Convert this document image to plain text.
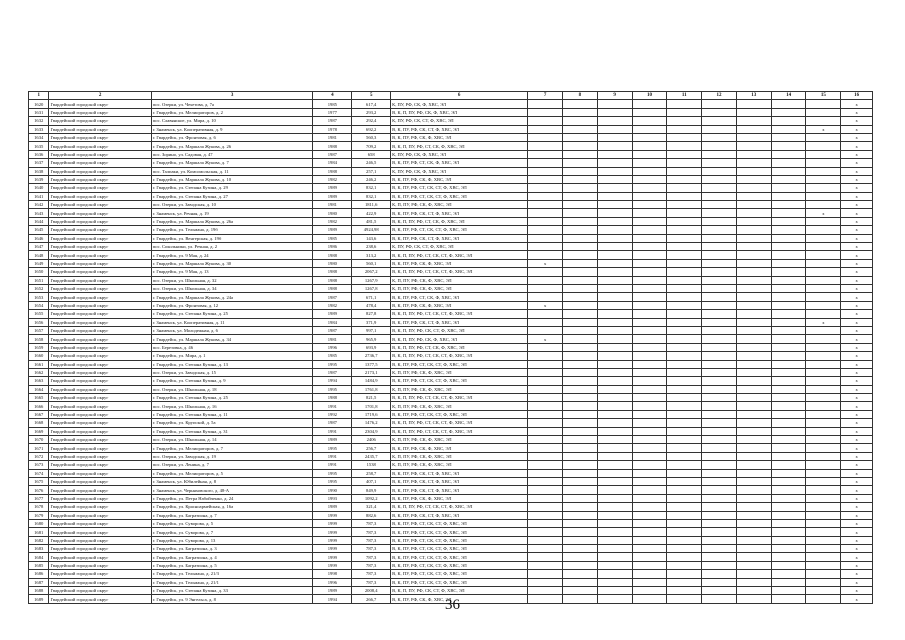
1	2	3	4	5	6	7	8	9	10	11	12	13	14	15	16
1620	Гвардейский городской округ	пос. Озерки, ул. Чехетова, д. 7а	1985	617,4	К, ПУ, РФ, СК, Ф, ХВС, ЭЛ										х
1631	Гвардейский городской округ	г. Гвардейск, ул. Мелиораторов, д. 2	1977	293,2	В, К, П, ПУ, РФ, СК, Ф, ХВС, ЭЛ										х
1632	Гвардейский городской округ	пос. Славянское, ул. Мира, д. 10	1987	292,4	К, ПУ, РФ, СК, СТ, Ф, ХВС, ЭЛ										х
1633	Гвардейский городской округ	г. Знаменск, ул. Кооперативная, д. 9	1978	692,2	В, К, ПУ, РФ, СК, СТ, Ф, ХВС, ЭЛ									х	х
1634	Гвардейский городской округ	г. Гвардейск, ул. Фронтовая, д. 6	1981	560,3	В, К, ПУ, РФ, СК, Ф, ХВС, ЭЛ										х
1635	Гвардейский городской округ	г. Гвардейск, ул. Маршала Жукова, д. 26	1988	709,2	В, К, П, ПУ, РФ, СТ, СК, Ф, ХВС, ЭЛ										х
1636	Гвардейский городской округ	пос. Зорино, ул. Садовая, д. 47	1987	658	К, ПУ, РФ, СК, Ф, ХВС, ЭЛ										х
1637	Гвардейский городской округ	г. Гвардейск, ул. Маршала Жукова, д. 7	1984	246,5	В, К, ПУ, РФ, СТ, СК, Ф, ХВС, ЭЛ										х
1638	Гвардейский городской округ	пос. Талпаки, ул. Комсомольская, д. 11	1988	257,1	К, ПУ, РФ, СК, Ф, ХВС, ЭЛ										х
1639	Гвардейский городской округ	г. Гвардейск, ул. Маршала Жукова, д. 10	1982	246,2	В, К, ПУ, РФ, СК, Ф, ХВС, ЭЛ										х
1640	Гвардейский городской округ	г. Гвардейск, ул. Степана Кузина, д. 29	1989	832,1	В, К, ПУ, РФ, СТ, СК, СТ, Ф, ХВС, ЭЛ										х
1641	Гвардейский городской округ	г. Гвардейск, ул. Степана Кузина, д. 27	1989	832,1	В, К, ПУ, РФ, СТ, СК, СТ, Ф, ХВС, ЭЛ										х
1642	Гвардейский городской округ	пос. Озерки, ул. Заводская, д. 10	1981	1811,6	К, П, ПУ, РФ, СК, Ф, ХВС, ЭЛ										х
1643	Гвардейский городской округ	г. Знаменск, ул. Речная, д. 19	1980	422,9	В, К, ПУ, РФ, СК, СТ, Ф, ХВС, ЭЛ									х	х
1644	Гвардейский городской округ	г. Гвардейск, ул. Маршала Жукова, д. 26а	1982	481,5	В, К, П, ПУ, РФ, СТ, СК, Ф, ХВС, ЭЛ										х
1645	Гвардейский городской округ	г. Гвардейск, ул. Тельмана, д. 19б	1989	4924,98	В, К, ПУ, РФ, СТ, СК, СТ, Ф, ХВС, ЭЛ										х
1646	Гвардейский городской округ	г. Гвардейск, ул. Венгерская, д. 19б	1985	143,6	В, К, ПУ, РФ, СК, СТ, Ф, ХВС, ЭЛ										х
1647	Гвардейский городской округ	пос. Сокольники, ул. Речная, д. 2	1986	238,6	К, ПУ, РФ, СК, СТ, Ф, ХВС, ЭЛ										х
1648	Гвардейский городской округ	г. Гвардейск, ул. 9 Мая, д. 24	1988	313,2	В, К, П, ПУ, РФ, СТ, СК, СТ, Ф, ХВС, ЭЛ										х
1649	Гвардейский городской округ	г. Гвардейск, ул. Маршала Жукова, д. 30	1980	560,1	В, К, ПУ, РФ, СК, Ф, ХВС, ЭЛ	х									х
1650	Гвардейский городской округ	г. Гвардейск, ул. 9 Мая, д. 13	1988	2067,2	В, К, П, ПУ, РФ, СТ, СК, СТ, Ф, ХВС, ЭЛ										х
1651	Гвардейский городской округ	пос. Озерки, ул. Школьная, д. 32	1988	1267,9	К, П, ПУ, РФ, СК, Ф, ХВС, ЭЛ										х
1652	Гвардейский городской округ	пос. Озерки, ул. Школьная, д. 34	1988	1267,8	К, П, ПУ, РФ, СК, Ф, ХВС, ЭЛ										х
1653	Гвардейский городской округ	г. Гвардейск, ул. Маршала Жукова, д. 24а	1987	671,1	В, К, ПУ, РФ, СТ, СК, Ф, ХВС, ЭЛ										х
1654	Гвардейский городской округ	г. Гвардейск, ул. Фронтовая, д. 12	1982	478,4	В, К, ПУ, РФ, СК, Ф, ХВС, ЭЛ	х									х
1655	Гвардейский городской округ	г. Гвардейск, ул. Степана Кузина, д. 25	1989	827,8	В, К, П, ПУ, РФ, СТ, СК, СТ, Ф, ХВС, ЭЛ										х
1656	Гвардейский городской округ	г. Знаменск, ул. Кооперативная, д. 11	1984	371,9	В, К, ПУ, РФ, СК, СТ, Ф, ХВС, ЭЛ									х	х
1657	Гвардейский городской округ	г. Знаменск, ул. Молодежная, д. 6	1987	997,1	В, К, П, ПУ, РФ, СК, СТ, Ф, ХВС, ЭЛ										х
1658	Гвардейский городской округ	г. Гвардейск, ул. Маршала Жукова, д. 34	1981	965,9	В, К, П, ПУ, РФ, СК, Ф, ХВС, ЭЛ	х									х
1659	Гвардейский городской округ	пос. Березовка, д. 46	1996	693,9	В, К, П, ПУ, РФ, СТ, СК, Ф, ХВС, ЭЛ										х
1660	Гвардейский городской округ	г. Гвардейск, ул. Мира, д. 1	1985	2736,7	В, К, П, ПУ, РФ, СТ, СК, СТ, Ф, ХВС, ЭЛ										х
1661	Гвардейский городской округ	г. Гвардейск, ул. Степана Кузина, д. 13	1995	1377,5	В, К, ПУ, РФ, СТ, СК, СТ, Ф, ХВС, ЭЛ										х
1662	Гвардейский городской округ	пос. Озерки, ул. Заводская, д. 15	1987	2173,1	К, П, ПУ, РФ, СК, Ф, ХВС, ЭЛ										х
1663	Гвардейский городской округ	г. Гвардейск, ул. Степана Кузина, д. 9	1994	1484,9	В, К, ПУ, РФ, СТ, СК, СТ, Ф, ХВС, ЭЛ										х
1664	Гвардейский городской округ	пос. Озерки, ул. Школьная, д. 18	1995	1761,8	К, П, ПУ, РФ, СК, Ф, ХВС, ЭЛ										х
1665	Гвардейский городской округ	г. Гвардейск, ул. Степана Кузина, д. 25	1988	821,5	В, К, П, ПУ, РФ, СТ, СК, СТ, Ф, ХВС, ЭЛ										х
1666	Гвардейский городской округ	пос. Озерки, ул. Школьная, д. 16	1991	1701,8	К, П, ПУ, РФ, СК, Ф, ХВС, ЭЛ										х
1667	Гвардейский городской округ	г. Гвардейск, ул. Степана Кузина, д. 11	1992	1719,6	В, К, ПУ, РФ, СТ, СК, СТ, Ф, ХВС, ЭЛ										х
1668	Гвардейский городской округ	г. Гвардейск, ул. Крупской, д. 5а	1987	1476,2	В, К, П, ПУ, РФ, СТ, СК, СТ, Ф, ХВС, ЭЛ										х
1669	Гвардейский городской округ	г. Гвардейск, ул. Степана Кузина, д. 31	1991	2304,9	В, К, П, ПУ, РФ, СТ, СК, СТ, Ф, ХВС, ЭЛ										х
1670	Гвардейский городской округ	пос. Озерки, ул. Школьная, д. 14	1989	2406	К, П, ПУ, РФ, СК, Ф, ХВС, ЭЛ										х
1671	Гвардейский городской округ	г. Гвардейск, ул. Мелиораторов, д. 7	1995	256,7	В, К, ПУ, РФ, СК, Ф, ХВС, ЭЛ										х
1672	Гвардейский городской округ	пос. Озерки, ул. Заводская, д. 19	1991	2435,7	К, П, ПУ, РФ, СК, Ф, ХВС, ЭЛ										х
1673	Гвардейский городской округ	пос. Озерки, ул. Ленина, д. 7	1991	1538	К, П, ПУ, РФ, СК, Ф, ХВС, ЭЛ										х
1674	Гвардейский городской округ	г. Гвардейск, ул. Мелиораторов, д. 5	1995	258,7	В, К, ПУ, РФ, СК, СТ, Ф, ХВС, ЭЛ										х
1675	Гвардейский городской округ	г. Знаменск, ул. Юбилейная, д. 8	1995	407,1	В, К, ПУ, РФ, СК, СТ, Ф, ХВС, ЭЛ										х
1676	Гвардейский городской округ	г. Знаменск, ул. Черняховского, д. 48-А	1990	849,9	В, К, ПУ, РФ, СК, СТ, Ф, ХВС, ЭЛ										х
1677	Гвардейский городской округ	г. Гвардейск, ул. Петра Набойченко, д. 24	1993	1092,2	В, К, ПУ, РФ, СК, Ф, ХВС, ЭЛ										х
1678	Гвардейский городской округ	г. Гвардейск, ул. Красноармейская, д. 16а	1989	321,4	В, К, П, ПУ, РФ, СТ, СК, СТ, Ф, ХВС, ЭЛ										х
1679	Гвардейский городской округ	г. Гвардейск, ул. Багратиона, д. 7	1999	882,6	В, К, ПУ, РФ, СК, СТ, Ф, ХВС, ЭЛ										х
1680	Гвардейский городской округ	г. Гвардейск, ул. Суворова, д. 5	1999	787,3	В, К, ПУ, РФ, СТ, СК, СТ, Ф, ХВС, ЭЛ										х
1681	Гвардейский городской округ	г. Гвардейск, ул. Суворова, д. 7	1999	787,3	В, К, ПУ, РФ, СТ, СК, СТ, Ф, ХВС, ЭЛ										х
1682	Гвардейский городской округ	г. Гвардейск, ул. Суворова, д. 13	1999	787,3	В, К, ПУ, РФ, СТ, СК, СТ, Ф, ХВС, ЭЛ										х
1683	Гвардейский городской округ	г. Гвардейск, ул. Багратиона, д. 3	1999	787,3	В, К, ПУ, РФ, СТ, СК, СТ, Ф, ХВС, ЭЛ										х
1684	Гвардейский городской округ	г. Гвардейск, ул. Багратиона, д. 4	1999	787,3	В, К, ПУ, РФ, СТ, СК, СТ, Ф, ХВС, ЭЛ										х
1685	Гвардейский городской округ	г. Гвардейск, ул. Багратиона, д. 5	1999	787,3	В, К, ПУ, РФ, СТ, СК, СТ, Ф, ХВС, ЭЛ										х
1686	Гвардейский городской округ	г. Гвардейск, ул. Тельмана, д. 21/3	1998	787,3	В, К, ПУ, РФ, СТ, СК, СТ, Ф, ХВС, ЭЛ										х
1687	Гвардейский городской округ	г. Гвардейск, ул. Тельмана, д. 21/1	1996	787,3	В, К, ПУ, РФ, СТ, СК, СТ, Ф, ХВС, ЭЛ										х
1688	Гвардейский городской округ	г. Гвардейск, ул. Степана Кузина, д. 33	1989	2008,4	В, К, П, ПУ, РФ, СК, СТ, Ф, ХВС, ЭЛ										х
1689	Гвардейский городской округ	г. Гвардейск, ул. 9 Энгельса, д. 8	1994	266,7	В, К, ПУ, РФ, СК, Ф, ХВС, ЭЛ										х
36
